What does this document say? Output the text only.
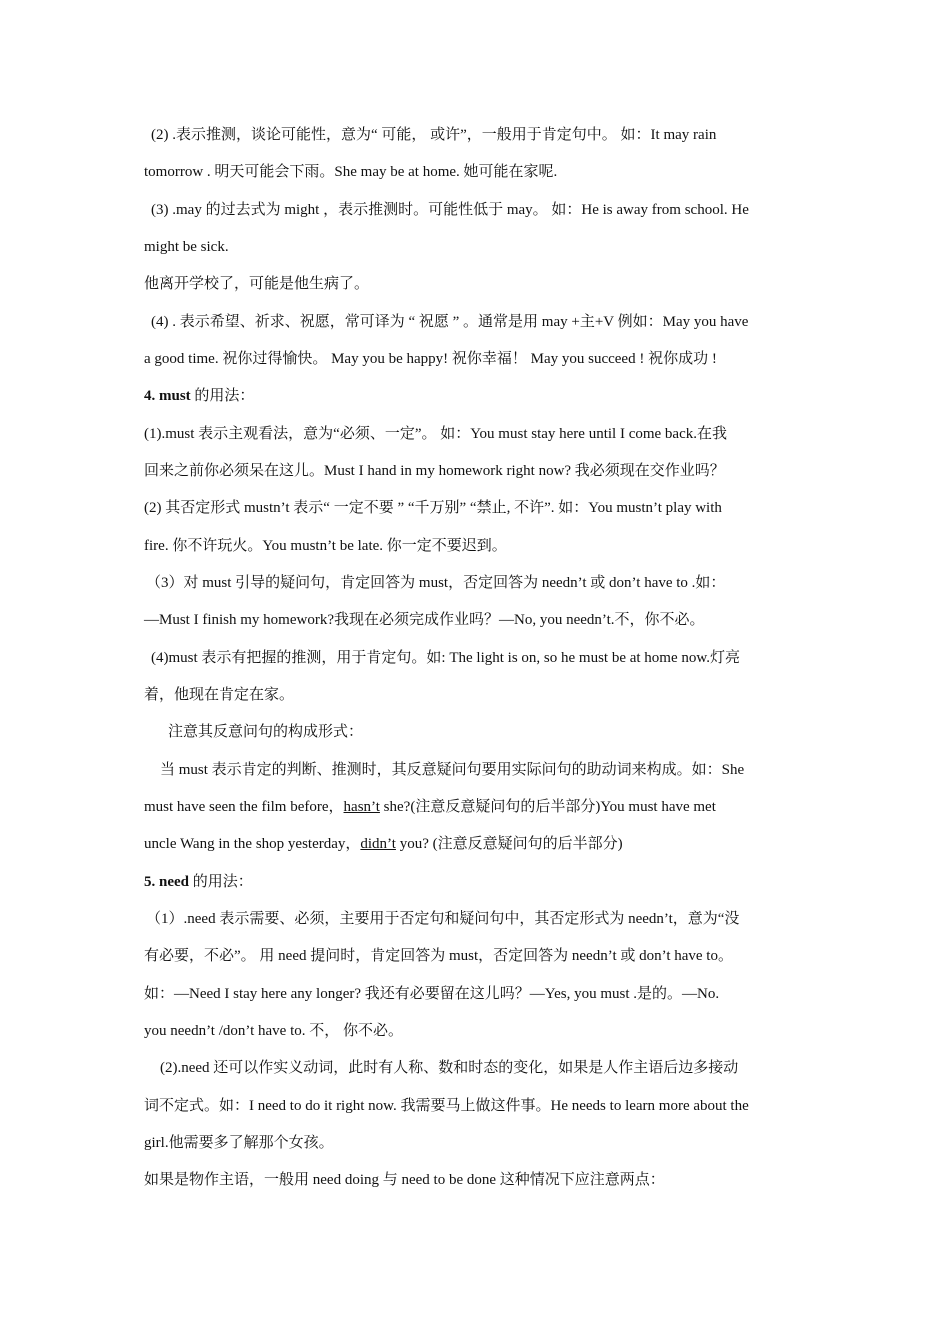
(2) .表示推测，谈论可能性，意为“ 可能， 或许”，一般用于肯定句中。 如：It may rain
tomorrow . 明天可能会下雨。She may be at home. 她可能在家呢.
(3) .may 的过去式为 might ，表示推测时。可能性低于 may。 如：He is away from school. He
might be sick.
他离开学校了，可能是他生病了。
(4) . 表示希望、祈求、祝愿，常可译为 “ 祝愿 ” 。通常是用 may +主+V 例如：May you have
a good time. 祝你过得愉快。 May you be happy! 祝你幸福！ May you succeed ! 祝你成功 !
4. must 的用法：
(1).must 表示主观看法，意为“必须、一定”。 如：You must stay here until I come back.在我
回来之前你必须呆在这儿。Must I hand in my homework right now? 我必须现在交作业吗？
(2) 其否定形式 mustn’t 表示“ 一定不要 ” “千万别” “禁止, 不许”. 如：You mustn’t play with
fire. 你不许玩火。You mustn’t be late. 你一定不要迟到。
（3）对 must 引导的疑问句，肯定回答为 must，否定回答为 needn’t 或 don’t have to .如：
—Must I finish my homework?我现在必须完成作业吗？—No, you needn’t.不，你不必。
(4)must 表示有把握的推测，用于肯定句。如: The light is on, so he must be at home now.灯亮
着，他现在肯定在家。
注意其反意问句的构成形式：
当 must 表示肯定的判断、推测时，其反意疑问句要用实际问句的助动词来构成。如：She
must have seen the film before，hasn’t she?(注意反意疑问句的后半部分)You must have met
uncle Wang in the shop yesterday，didn’t you? (注意反意疑问句的后半部分)
5. need 的用法：
（1）.need 表示需要、必须，主要用于否定句和疑问句中，其否定形式为 needn’t，意为“没
有必要，不必”。 用 need 提问时，肯定回答为 must，否定回答为 needn’t 或 don’t have to。
如：—Need I stay here any longer? 我还有必要留在这儿吗？—Yes, you must .是的。—No.
you needn’t /don’t have to. 不， 你不必。
(2).need 还可以作实义动词，此时有人称、数和时态的变化，如果是人作主语后边多接动
词不定式。如：I need to do it right now. 我需要马上做这件事。He needs to learn more about the
girl.他需要多了解那个女孩。
如果是物作主语，一般用 need doing 与 need to be done 这种情况下应注意两点：
